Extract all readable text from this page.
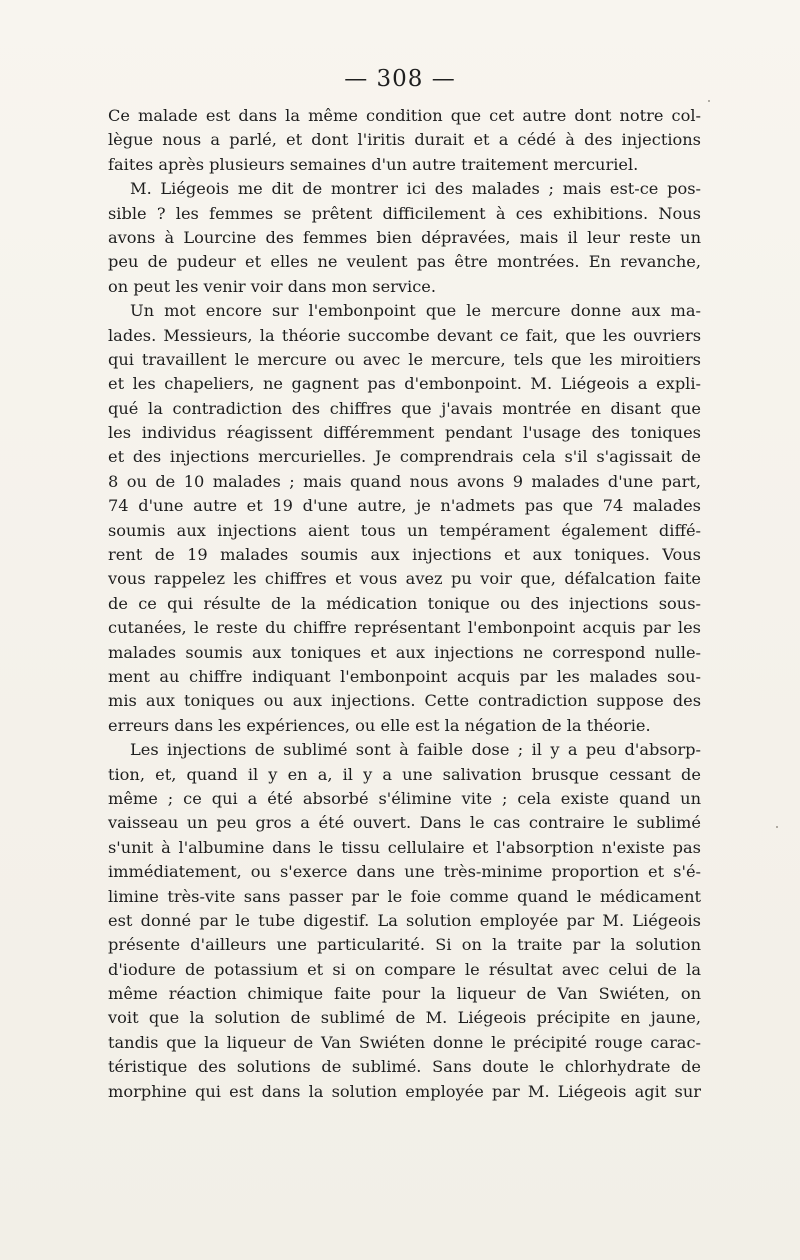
— 308 —
Ce malade est dans la même condition que cet autre dont notre col-
lègue nous a parlé, et dont l'iritis durait et a cédé à des injections
faites après plusieurs semaines d'un autre traitement mercuriel.
M. Liégeois me dit de montrer ici des malades ; mais est-ce pos-
sible ? les femmes se prêtent difficilement à ces exhibitions. Nous
avons à Lourcine des femmes bien dépravées, mais il leur reste un
peu de pudeur et elles ne veulent pas être montrées. En revanche,
on peut les venir voir dans mon service.
Un mot encore sur l'embonpoint que le mercure donne aux ma-
lades. Messieurs, la théorie succombe devant ce fait, que les ouvriers
qui travaillent le mercure ou avec le mercure, tels que les miroitiers
et les chapeliers, ne gagnent pas d'embonpoint. M. Liégeois a expli-
qué la contradiction des chiffres que j'avais montrée en disant que
les individus réagissent différemment pendant l'usage des toniques
et des injections mercurielles. Je comprendrais cela s'il s'agissait de
8 ou de 10 malades ; mais quand nous avons 9 malades d'une part,
74 d'une autre et 19 d'une autre, je n'admets pas que 74 malades
soumis aux injections aient tous un tempérament également diffé-
rent de 19 malades soumis aux injections et aux toniques. Vous
vous rappelez les chiffres et vous avez pu voir que, défalcation faite
de ce qui résulte de la médication tonique ou des injections sous-
cutanées, le reste du chiffre représentant l'embonpoint acquis par les
malades soumis aux toniques et aux injections ne correspond nulle-
ment au chiffre indiquant l'embonpoint acquis par les malades sou-
mis aux toniques ou aux injections. Cette contradiction suppose des
erreurs dans les expériences, ou elle est la négation de la théorie.
Les injections de sublimé sont à faible dose ; il y a peu d'absorp-
tion, et, quand il y en a, il y a une salivation brusque cessant de
même ; ce qui a été absorbé s'élimine vite ; cela existe quand un
vaisseau un peu gros a été ouvert. Dans le cas contraire le sublimé
s'unit à l'albumine dans le tissu cellulaire et l'absorption n'existe pas
immédiatement, ou s'exerce dans une très-minime proportion et s'é-
limine très-vite sans passer par le foie comme quand le médicament
est donné par le tube digestif. La solution employée par M. Liégeois
présente d'ailleurs une particularité. Si on la traite par la solution
d'iodure de potassium et si on compare le résultat avec celui de la
même réaction chimique faite pour la liqueur de Van Swiéten, on
voit que la solution de sublimé de M. Liégeois précipite en jaune,
tandis que la liqueur de Van Swiéten donne le précipité rouge carac-
téristique des solutions de sublimé. Sans doute le chlorhydrate de
morphine qui est dans la solution employée par M. Liégeois agit sur
